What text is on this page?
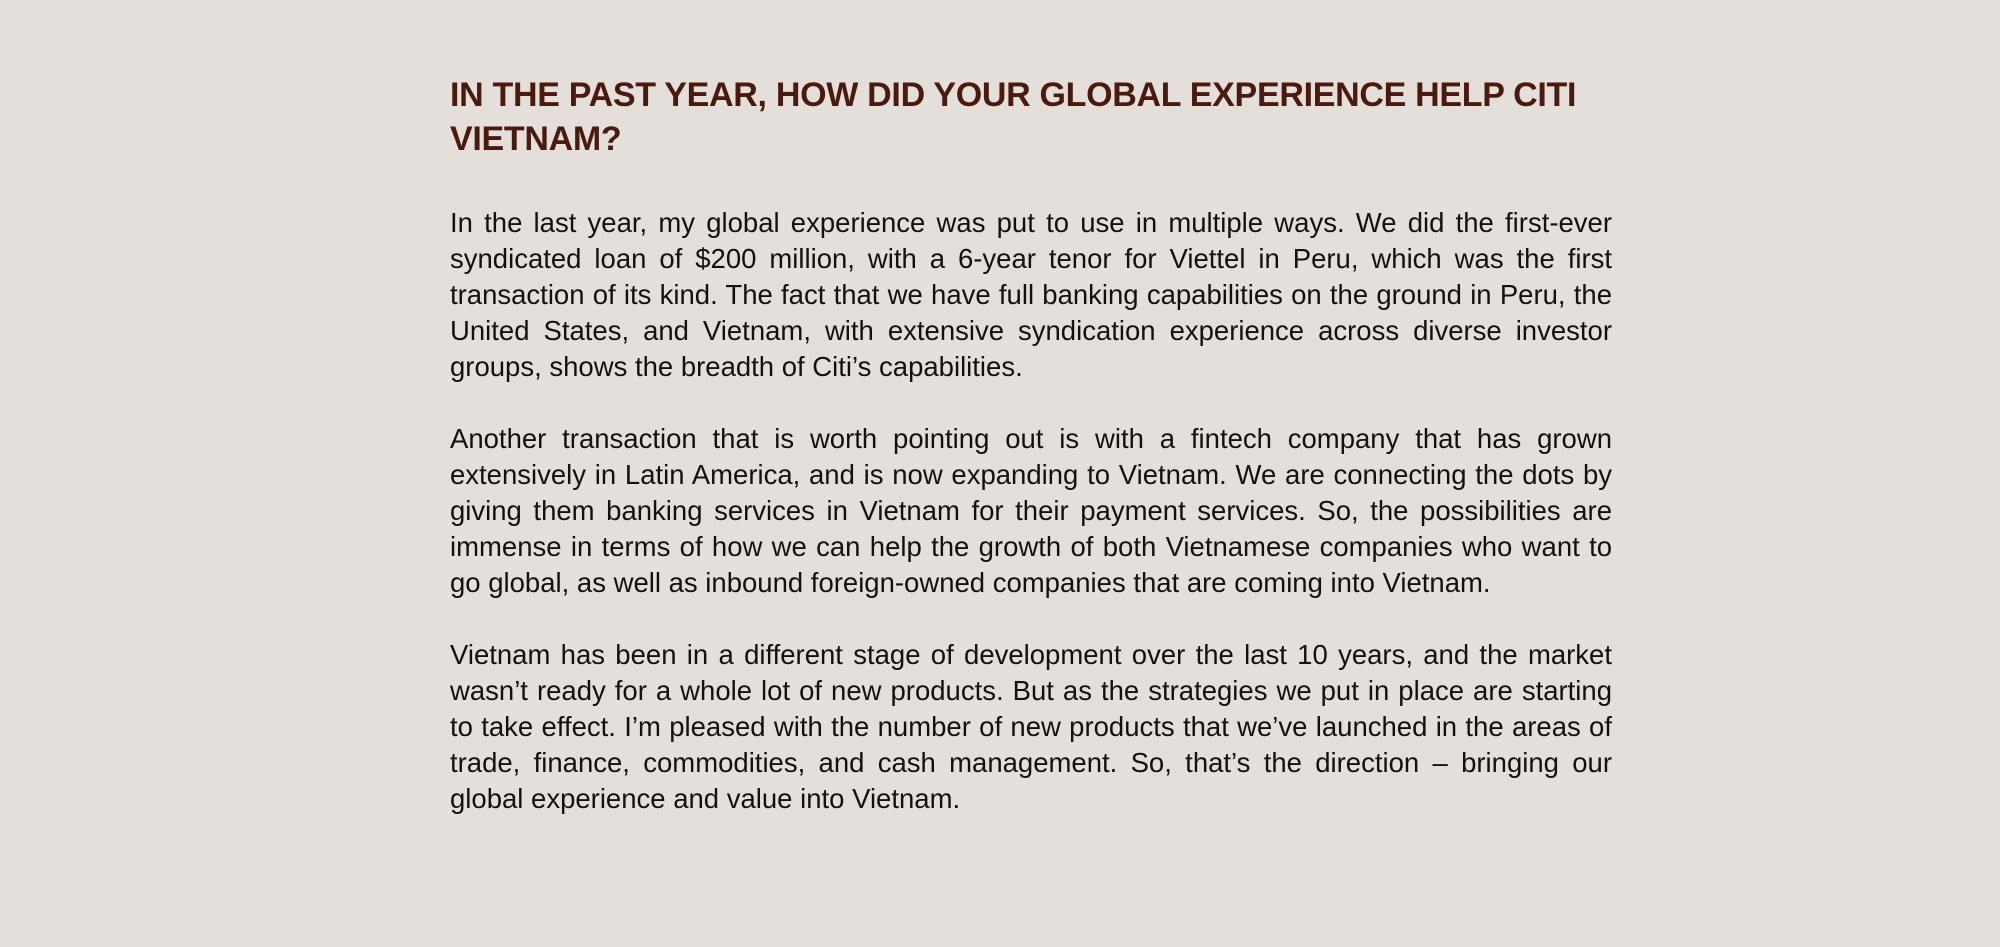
IN THE PAST YEAR, HOW DID YOUR GLOBAL EXPERIENCE HELP CITI VIETNAM?

In the last year, my global experience was put to use in multiple ways. We did the first-ever syndicated loan of $200 million, with a 6-year tenor for Viettel in Peru, which was the first transaction of its kind. The fact that we have full banking capabilities on the ground in Peru, the United States, and Vietnam, with extensive syndication experience across diverse investor groups, shows the breadth of Citi’s capabilities.

Another transaction that is worth pointing out is with a fintech company that has grown extensively in Latin America, and is now expanding to Vietnam. We are connecting the dots by giving them banking services in Vietnam for their payment services. So, the possibilities are immense in terms of how we can help the growth of both Vietnamese companies who want to go global, as well as inbound foreign-owned companies that are coming into Vietnam.

Vietnam has been in a different stage of development over the last 10 years, and the market wasn’t ready for a whole lot of new products. But as the strategies we put in place are starting to take effect. I’m pleased with the number of new products that we’ve launched in the areas of trade, finance, commodities, and cash management. So, that’s the direction – bringing our global experience and value into Vietnam.
